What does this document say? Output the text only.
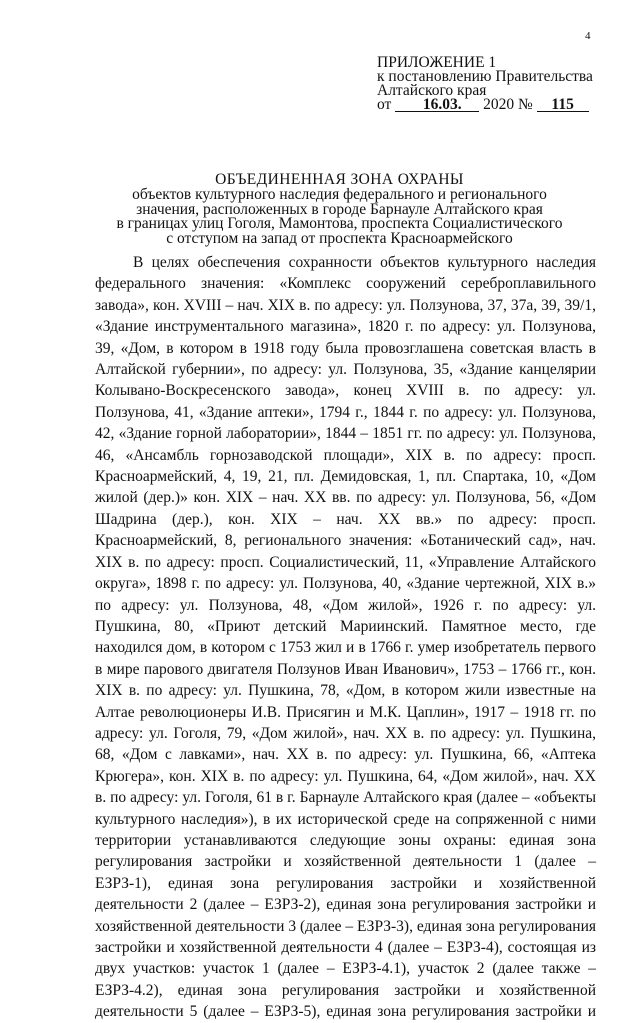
4
ПРИЛОЖЕНИЕ 1
к постановлению Правительства
Алтайского края
от 16.03. 2020 № 115
ОБЪЕДИНЕННАЯ ЗОНА ОХРАНЫ
объектов культурного наследия федерального и регионального
значения, расположенных в городе Барнауле Алтайского края
в границах улиц Гоголя, Мамонтова, проспекта Социалистического
с отступом на запад от проспекта Красноармейского

В целях обеспечения сохранности объектов культурного наследия федерального значения: «Комплекс сооружений сереброплавильного завода», кон. XVIII – нач. XIX в. по адресу: ул. Ползунова, 37, 37а, 39, 39/1, «Здание инструментального магазина», 1820 г. по адресу: ул. Ползунова, 39, «Дом, в котором в 1918 году была провозглашена советская власть в Алтайской губернии», по адресу: ул. Ползунова, 35, «Здание канцелярии Колывано-Воскресенского завода», конец XVIII в. по адресу: ул. Ползунова, 41, «Здание аптеки», 1794 г., 1844 г. по адресу: ул. Ползунова, 42, «Здание горной лаборатории», 1844 – 1851 гг. по адресу: ул. Ползунова, 46, «Ансамбль горнозаводской площади», XIX в. по адресу: просп. Красноармейский, 4, 19, 21, пл. Демидовская, 1, пл. Спартака, 10, «Дом жилой (дер.)» кон. XIX – нач. XX вв. по адресу: ул. Ползунова, 56, «Дом Шадрина (дер.), кон. XIX – нач. XX вв.» по адресу: просп. Красноармейский, 8, регионального значения: «Ботанический сад», нач. XIX в. по адресу: просп. Социалистический, 11, «Управление Алтайского округа», 1898 г. по адресу: ул. Ползунова, 40, «Здание чертежной, XIX в.» по адресу: ул. Ползунова, 48, «Дом жилой», 1926 г. по адресу: ул. Пушкина, 80, «Приют детский Мариинский. Памятное место, где находился дом, в котором с 1753 жил и в 1766 г. умер изобретатель первого в мире парового двигателя Ползунов Иван Иванович», 1753 – 1766 гг., кон. XIX в. по адресу: ул. Пушкина, 78, «Дом, в котором жили известные на Алтае революционеры И.В. Присягин и М.К. Цаплин», 1917 – 1918 гг. по адресу: ул. Гоголя, 79, «Дом жилой», нач. XX в. по адресу: ул. Пушкина, 68, «Дом с лавками», нач. XX в. по адресу: ул. Пушкина, 66, «Аптека Крюгера», кон. XIX в. по адресу: ул. Пушкина, 64, «Дом жилой», нач. XX в. по адресу: ул. Гоголя, 61 в г. Барнауле Алтайского края (далее – «объекты культурного наследия»), в их исторической среде на сопряженной с ними территории устанавливаются следующие зоны охраны: единая зона регулирования застройки и хозяйственной деятельности 1 (далее – ЕЗРЗ-1), единая зона регулирования застройки и хозяйственной деятельности 2 (далее – ЕЗРЗ-2), единая зона регулирования застройки и хозяйственной деятельности 3 (далее – ЕЗРЗ-3), единая зона регулирования застройки и хозяйственной деятельности 4 (далее – ЕЗРЗ-4), состоящая из двух участков: участок 1 (далее – ЕЗРЗ-4.1), участок 2 (далее также – ЕЗРЗ-4.2), единая зона регулирования застройки и хозяйственной деятельности 5 (далее – ЕЗРЗ-5), единая зона регулирования застройки и
